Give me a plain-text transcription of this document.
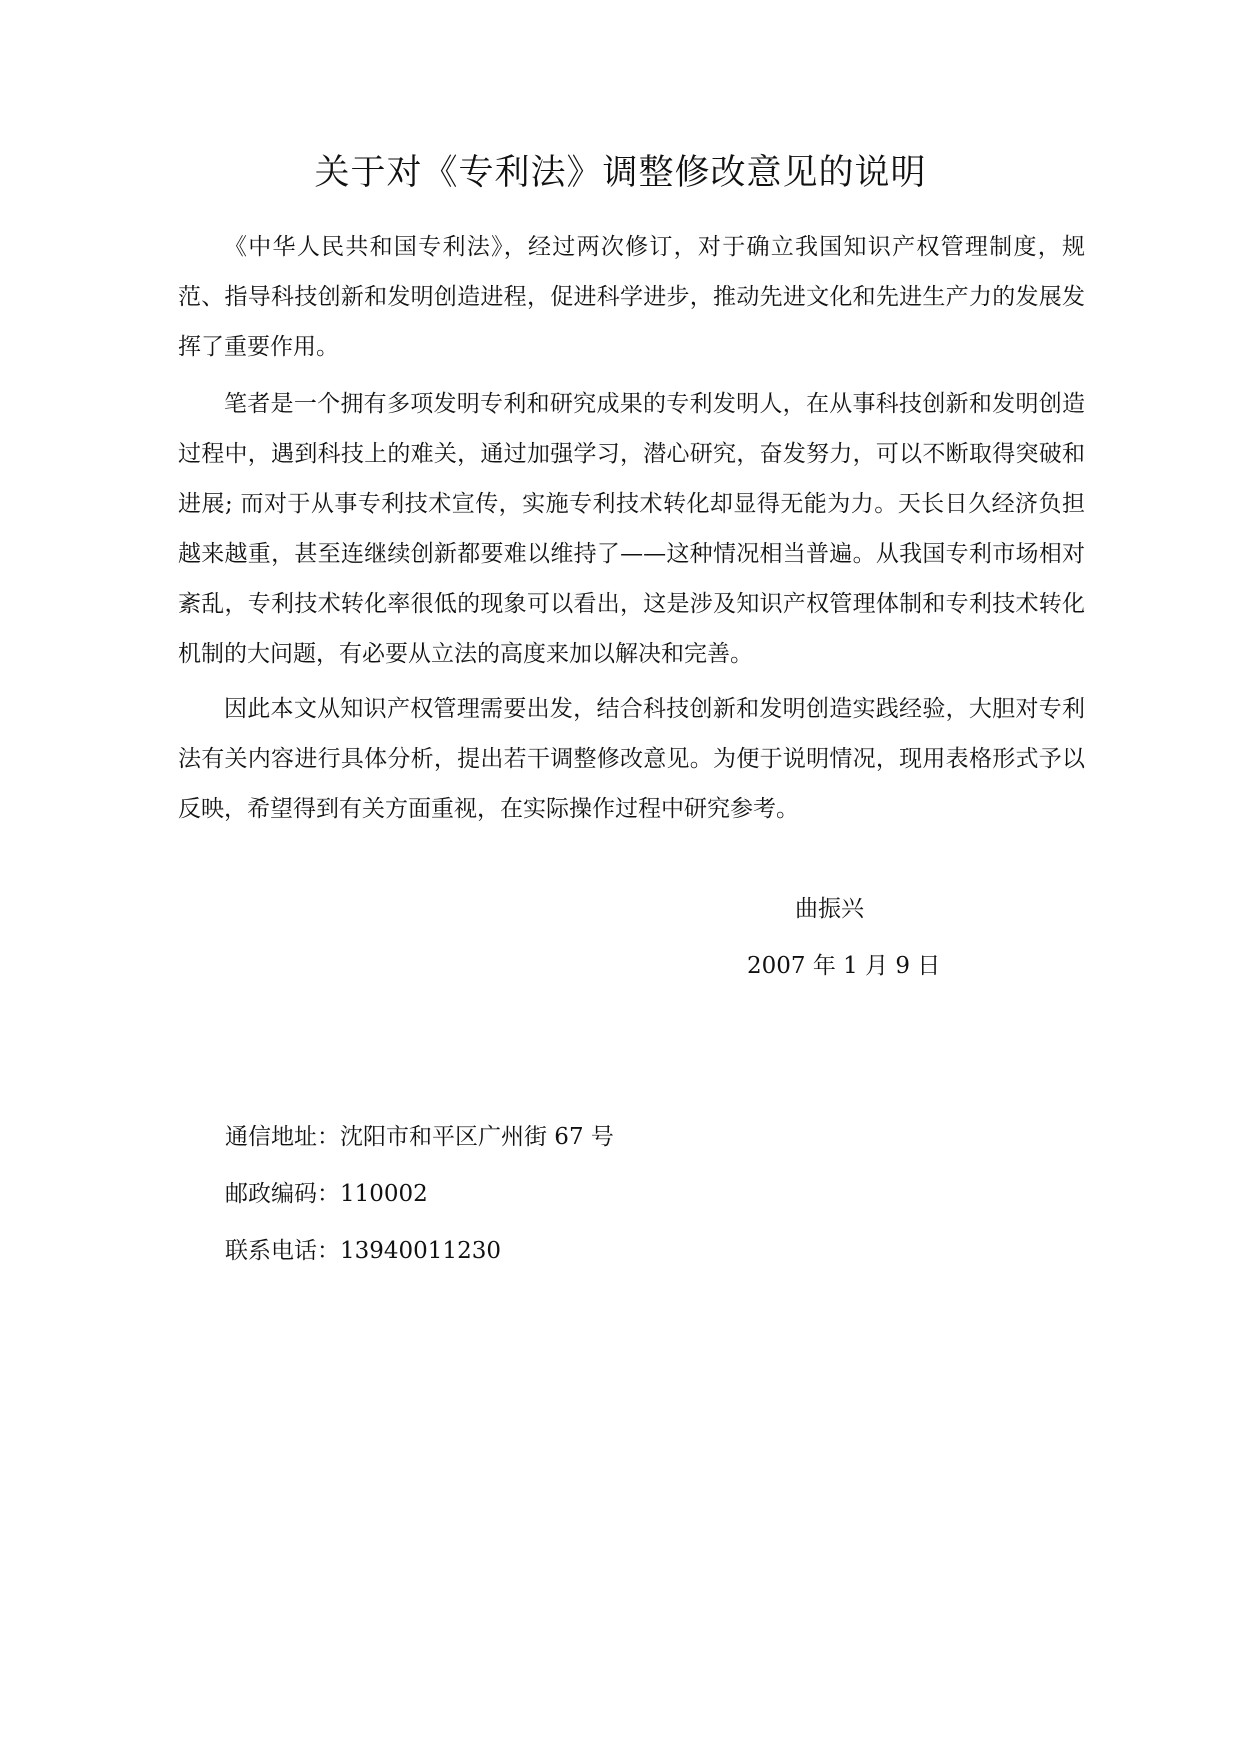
关于对《专利法》调整修改意见的说明

《中华人民共和国专利法》，经过两次修订，对于确立我国知识产权管理制度，规范、指导科技创新和发明创造进程，促进科学进步，推动先进文化和先进生产力的发展发挥了重要作用。

笔者是一个拥有多项发明专利和研究成果的专利发明人，在从事科技创新和发明创造过程中，遇到科技上的难关，通过加强学习，潜心研究，奋发努力，可以不断取得突破和进展; 而对于从事专利技术宣传，实施专利技术转化却显得无能为力。天长日久经济负担越来越重，甚至连继续创新都要难以维持了——这种情况相当普遍。从我国专利市场相对紊乱，专利技术转化率很低的现象可以看出，这是涉及知识产权管理体制和专利技术转化机制的大问题，有必要从立法的高度来加以解决和完善。

因此本文从知识产权管理需要出发，结合科技创新和发明创造实践经验，大胆对专利法有关内容进行具体分析，提出若干调整修改意见。为便于说明情况，现用表格形式予以反映，希望得到有关方面重视，在实际操作过程中研究参考。

曲振兴
2007 年 1 月 9 日
通信地址：沈阳市和平区广州街 67 号
邮政编码：110002
联系电话：13940011230
